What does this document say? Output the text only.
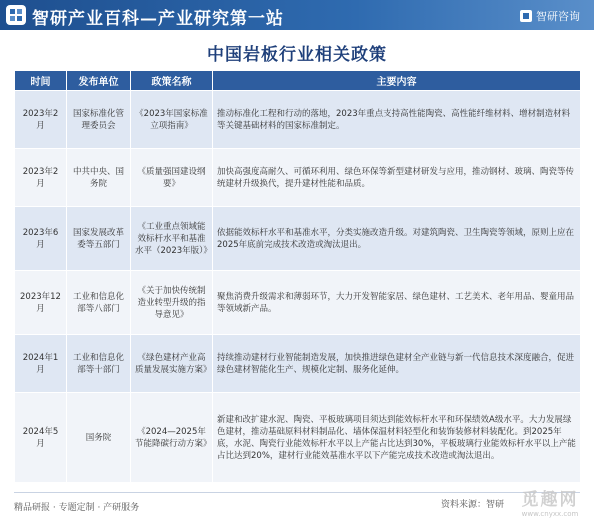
智研产业百科—产业研究第一站	智研咨询
中国岩板行业相关政策
时间	发布单位	政策名称	主要内容
2023年2月	国家标准化管理委员会	《2023年国家标准立项指南》	推动标准化工程和行动的落地，2023年重点支持高性能陶瓷、高性能纤维材料、增材制造材料等关键基础材料的国家标准制定。
2023年2月	中共中央、国务院	《质量强国建设纲要》	加快高强度高耐久、可循环利用、绿色环保等新型建材研发与应用，推动钢材、玻璃、陶瓷等传统建材升级换代，提升建材性能和品质。
2023年6月	国家发展改革委等五部门	《工业重点领域能效标杆水平和基准水平（2023年版）》	依据能效标杆水平和基准水平，分类实施改造升级。对建筑陶瓷、卫生陶瓷等领域，原则上应在2025年底前完成技术改造或淘汰退出。
2023年12月	工业和信息化部等八部门	《关于加快传统制造业转型升级的指导意见》	聚焦消费升级需求和薄弱环节，大力开发智能家居、绿色建材、工艺美术、老年用品、婴童用品等领域新产品。
2024年1月	工业和信息化部等十部门	《绿色建材产业高质量发展实施方案》	持续推动建材行业智能制造发展，加快推进绿色建材全产业链与新一代信息技术深度融合，促进绿色建材智能化生产、规模化定制、服务化延伸。
2024年5月	国务院	《2024—2025年节能降碳行动方案》	新建和改扩建水泥、陶瓷、平板玻璃项目须达到能效标杆水平和环保绩效A级水平。大力发展绿色建材，推动基础原料材料制品化、墙体保温材料轻型化和装饰装修材料装配化。到2025年底，水泥、陶瓷行业能效标杆水平以上产能占比达到30%，平板玻璃行业能效标杆水平以上产能占比达到20%，建材行业能效基准水平以下产能完成技术改造或淘汰退出。
精品研报 · 专题定制 · 产研服务	资料来源：智研 觅趣网
www.cnyxx.com
